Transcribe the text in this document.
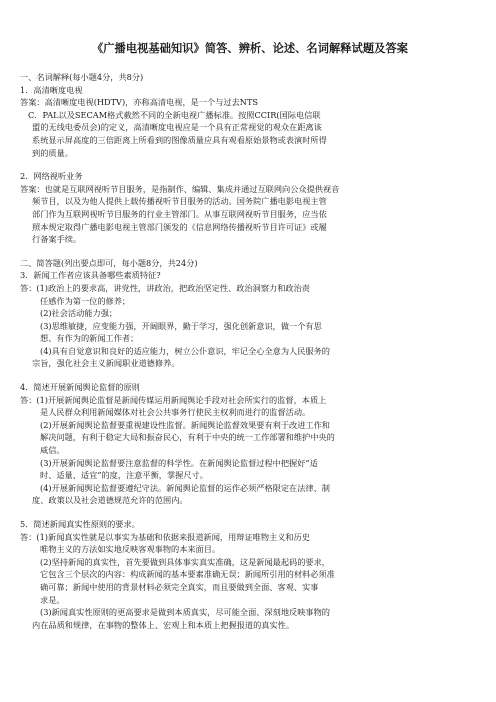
《广播电视基础知识》简答、辨析、论述、名词解释试题及答案
一、名词解释(每小题4分，共8分)
1．高清晰度电视
答案：高清晰度电视(HDTV)，亦称高清电视，是一个与过去NTS
C．PAL以及SECAM格式截然不同的全新电视广播标准。按照CCIR(国际电信联
盟的无线电委员会)的定义，高清晰度电视应是一个具有正常视觉的观众在距离该
系统显示屏高度的三倍距离上所看到的图像质量应具有观看原始景物或表演时所得
到的质量。
2．网络视听业务
答案：也就是互联网视听节目服务，是指制作、编辑、集成并通过互联网向公众提供视音
频节目，以及为他人提供上载传播视听节目服务的活动。国务院广播电影电视主管
部门作为互联网视听节目服务的行业主管部门。从事互联网视听节目服务，应当依
照本规定取得广播电影电视主管部门颁发的《信息网络传播视听节目许可证》或履
行备案手续。
二、简答题(列出要点即可，每小题8分，共24分)
3．新闻工作者应该具备哪些素质特征?
答：(1)政治上的要求高，讲党性，讲政治，把政治坚定性、政治洞察力和政治责
任感作为第一位的修养；
(2)社会活动能力强；
(3)思维敏捷，应变能力强，开阔眼界，勤于学习，强化创新意识，做一个有思
想、有作为的新闻工作者；
(4)具有自觉意识和良好的适应能力，树立公仆意识，牢记全心全意为人民服务的
宗旨，强化社会主义新闻职业道德修养。
4．简述开展新闻舆论监督的原则
答：(1)开展新闻舆论监督是新闻传媒运用新闻舆论手段对社会所实行的监督，本质上
是人民群众利用新闻媒体对社会公共事务行使民主权利而进行的监督活动。
(2)开展新闻舆论监督要重视建设性监督。新闻舆论监督效果要有利于改进工作和
解决问题，有利于稳定大局和振奋民心，有利于中央的统一工作部署和维护中央的
威信。
(3)开展新闻舆论监督要注意监督的科学性。在新闻舆论监督过程中把握好“适
时、适量、适宜”的度，注意平衡，掌握尺寸。
(4)开展新闻舆论监督要遵纪守法。新闻舆论监督的运作必须严格限定在法律、制
度、政策以及社会道德规范允许的范围内。
5．简述新闻真实性原则的要求。
答：(1)新闻真实性就是以事实为基础和依据来报道新闻，用辩证唯物主义和历史
唯物主义的方法如实地反映客观事物的本来面目。
(2)坚持新闻的真实性，首先要做到具体事实真实准确，这是新闻最起码的要求，
它包含三个层次的内容：构成新闻的基本要素准确无误；新闻所引用的材料必须准
确可靠；新闻中使用的背景材料必须完全真实，而且要做到全面、客观、实事
求是。
(3)新闻真实性原则的更高要求是做到本质真实，尽可能全面、深刻地反映事物的
内在品质和规律，在事物的整体上、宏观上和本质上把握报道的真实性。
